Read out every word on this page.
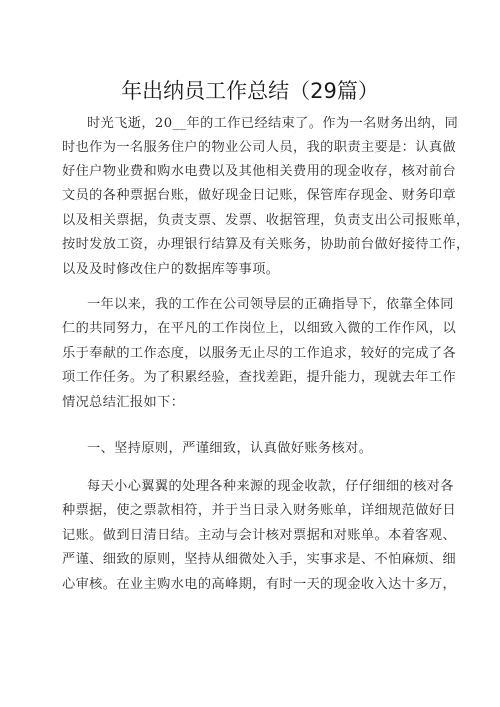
年出纳员工作总结（29篇）

时光飞逝，20__年的工作已经结束了。作为一名财务出纳，同

时也作为一名服务住户的物业公司人员，我的职责主要是：认真做

好住户物业费和购水电费以及其他相关费用的现金收存，核对前台

文员的各种票据台账，做好现金日记账，保管库存现金、财务印章

以及相关票据，负责支票、发票、收据管理，负责支出公司报账单，

按时发放工资，办理银行结算及有关账务，协助前台做好接待工作，

以及及时修改住户的数据库等事项。

一年以来，我的工作在公司领导层的正确指导下，依靠全体同

仁的共同努力，在平凡的工作岗位上，以细致入微的工作作风，以

乐于奉献的工作态度，以服务无止尽的工作追求，较好的完成了各

项工作任务。为了积累经验，查找差距，提升能力，现就去年工作

情况总结汇报如下：

一、坚持原则，严谨细致，认真做好账务核对。

每天小心翼翼的处理各种来源的现金收款，仔仔细细的核对各

种票据，使之票款相符，并于当日录入财务账单，详细规范做好日

记账。做到日清日结。主动与会计核对票据和对账单。本着客观、

严谨、细致的原则，坚持从细微处入手，实事求是、不怕麻烦、细

心审核。在业主购水电的高峰期，有时一天的现金收入达十多万，
